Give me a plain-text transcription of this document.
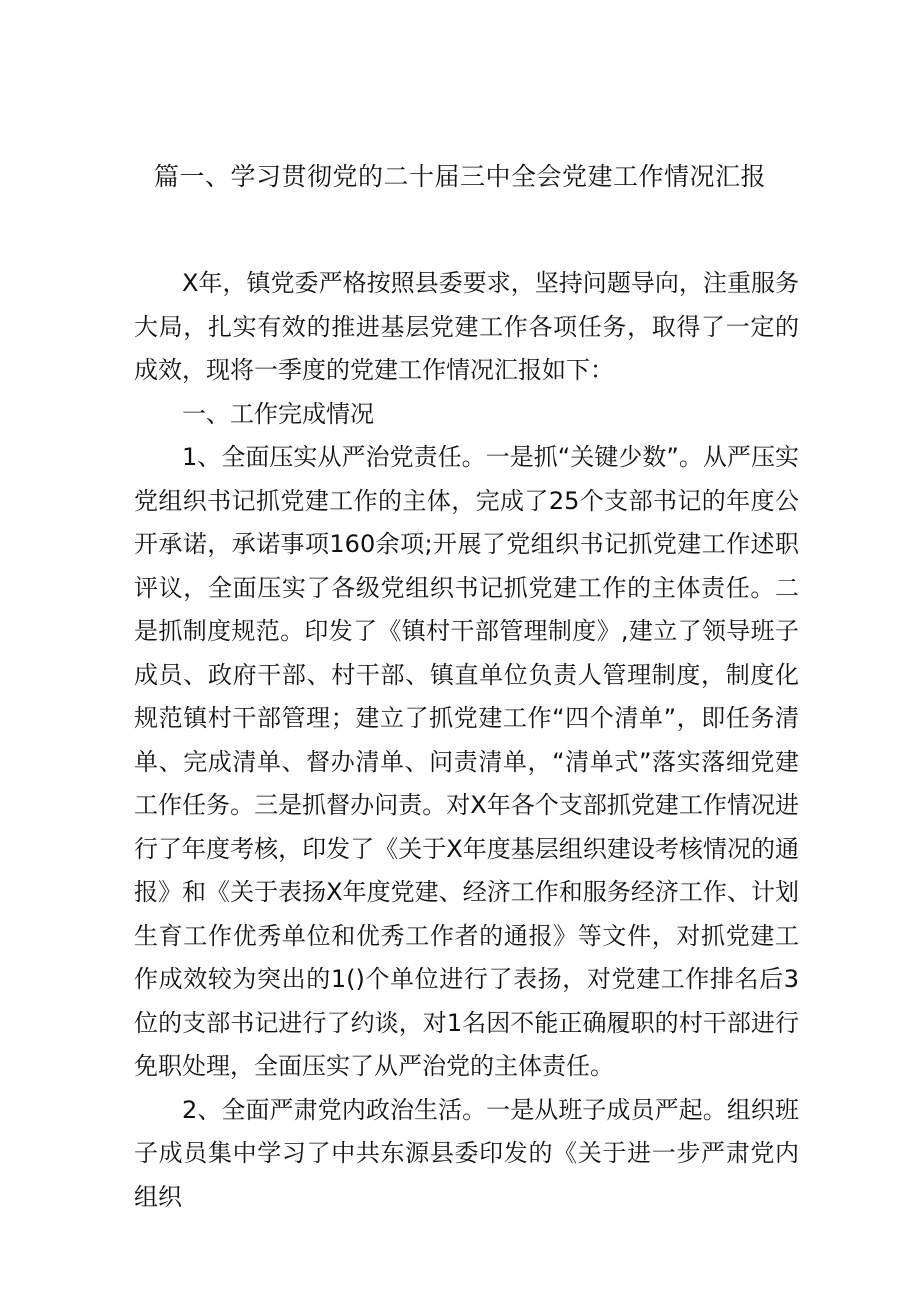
篇一、学习贯彻党的二十届三中全会党建工作情况汇报

X年，镇党委严格按照县委要求，坚持问题导向，注重服务大局，扎实有效的推进基层党建工作各项任务，取得了一定的成效，现将一季度的党建工作情况汇报如下：

一、工作完成情况

1、全面压实从严治党责任。一是抓“关键少数”。从严压实党组织书记抓党建工作的主体，完成了25个支部书记的年度公开承诺，承诺事项160余项;开展了党组织书记抓党建工作述职评议，全面压实了各级党组织书记抓党建工作的主体责任。二是抓制度规范。印发了《镇村干部管理制度》,建立了领导班子成员、政府干部、村干部、镇直单位负责人管理制度，制度化规范镇村干部管理；建立了抓党建工作“四个清单”，即任务清单、完成清单、督办清单、问责清单，“清单式”落实落细党建工作任务。三是抓督办问责。对X年各个支部抓党建工作情况进行了年度考核，印发了《关于X年度基层组织建设考核情况的通报》和《关于表扬X年度党建、经济工作和服务经济工作、计划生育工作优秀单位和优秀工作者的通报》等文件，对抓党建工作成效较为突出的1()个单位进行了表扬，对党建工作排名后3位的支部书记进行了约谈，对1名因不能正确履职的村干部进行免职处理，全面压实了从严治党的主体责任。

2、全面严肃党内政治生活。一是从班子成员严起。组织班子成员集中学习了中共东源县委印发的《关于进一步严肃党内组织
